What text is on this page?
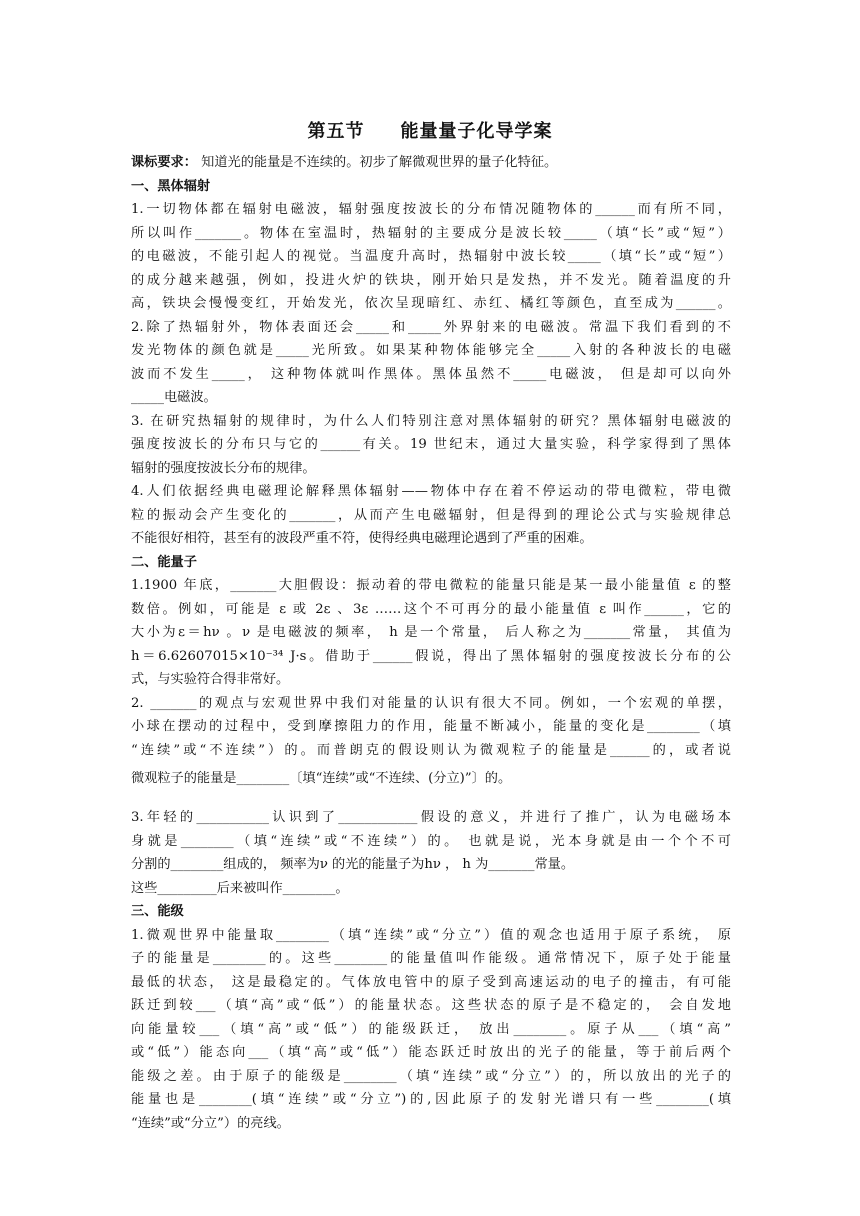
第五节 能量量子化导学案
课标要求： 知道光的能量是不连续的。初步了解微观世界的量子化特征。
一、黑体辐射
1.一切物体都在辐射电磁波，辐射强度按波长的分布情况随物体的______而有所不同，
所以叫作_______。物体在室温时，热辐射的主要成分是波长较_____（填“长”或“短”）
的电磁波，不能引起人的视觉。当温度升高时，热辐射中波长较_____（填“长”或“短”）
的成分越来越强，例如，投进火炉的铁块，刚开始只是发热，并不发光。随着温度的升
高，铁块会慢慢变红，开始发光，依次呈现暗红、赤红、橘红等颜色，直至成为______。
2.除了热辐射外，物体表面还会_____和_____外界射来的电磁波。常温下我们看到的不
发光物体的颜色就是_____光所致。如果某种物体能够完全_____入射的各种波长的电磁
波而不发生_____， 这种物体就叫作黑体。黑体虽然不_____电磁波， 但是却可以向外
_____电磁波。
3. 在研究热辐射的规律时，为什么人们特别注意对黑体辐射的研究？黑体辐射电磁波的
强度按波长的分布只与它的______有关。19 世纪末，通过大量实验，科学家得到了黑体
辐射的强度按波长分布的规律。
4.人们依据经典电磁理论解释黑体辐射——物体中存在着不停运动的带电微粒，带电微
粒的振动会产生变化的_______，从而产生电磁辐射，但是得到的理论公式与实验规律总
不能很好相符，甚至有的波段严重不符，使得经典电磁理论遇到了严重的困难。
二、能量子
1.1900 年底，_______大胆假设：振动着的带电微粒的能量只能是某一最小能量值 ε 的整
数倍。例如，可能是 ε 或 2ε 、3ε ……这个不可再分的最小能量值 ε 叫作______，它的
大小为ε＝hν 。ν 是电磁波的频率， h 是一个常量， 后人称之为_______常量， 其值为
h＝6.62607015×10⁻³⁴ J·s。借助于______假说，得出了黑体辐射的强度按波长分布的公
式，与实验符合得非常好。
2. _______的观点与宏观世界中我们对能量的认识有很大不同。例如，一个宏观的单摆，
小球在摆动的过程中，受到摩擦阻力的作用，能量不断减小，能量的变化是________（填
“连续”或“不连续”）的。而普朗克的假设则认为微观粒子的能量是______的，或者说
微观粒子的能量是________〔填“连续”或“不连续、(分立)”〕的。
3.年轻的___________认识到了____________假设的意义，并进行了推广，认为电磁场本
身就是________（填“连续”或“不连续”）的。 也就是说，光本身就是由一个个不可
分割的________组成的， 频率为ν 的光的能量子为hν ， h 为_______常量。
这些_________后来被叫作________。
三、能级
1.微观世界中能量取________（填“连续”或“分立”）值的观念也适用于原子系统， 原
子的能量是________的。这些________的能量值叫作能级。通常情况下，原子处于能量
最低的状态， 这是最稳定的。气体放电管中的原子受到高速运动的电子的撞击，有可能
跃迁到较___（填“高”或“低”）的能量状态。这些状态的原子是不稳定的， 会自发地
向能量较___（填“高”或“低”）的能级跃迁， 放出________。原子从___（填“高”
或“低”）能态向___（填“高”或“低”）能态跃迁时放出的光子的能量，等于前后两个
能级之差。由于原子的能级是________（填“连续”或“分立”）的，所以放出的光子的
能量也是________(填“连续”或“分立”)的,因此原子的发射光谱只有一些________(填
“连续”或“分立”）的亮线。
